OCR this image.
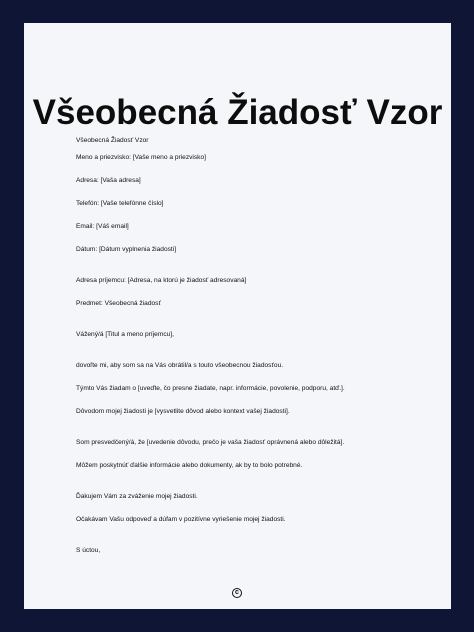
Všeobecná Žiadosť Vzor
Všeobecná Žiadosť Vzor
Meno a priezvisko: [Vaše meno a priezvisko]
Adresa: [Vaša adresa]
Telefón: [Vaše telefónne číslo]
Email: [Váš email]
Dátum: [Dátum vyplnenia žiadosti]
Adresa príjemcu: [Adresa, na ktorú je žiadosť adresovaná]
Predmet: Všeobecná žiadosť
Vážený/á [Titul a meno príjemcu],
dovoľte mi, aby som sa na Vás obrátil/a s touto všeobecnou žiadosťou.
Týmto Vás žiadam o [uveďte, čo presne žiadate, napr. informácie, povolenie, podporu, atď.].
Dôvodom mojej žiadosti je [vysvetlite dôvod alebo kontext vašej žiadosti].
Som presvedčený/á, že [uvedenie dôvodu, prečo je vaša žiadosť oprávnená alebo dôležitá].
Môžem poskytnúť ďalšie informácie alebo dokumenty, ak by to bolo potrebné.
Ďakujem Vám za zváženie mojej žiadosti.
Očakávam Vašu odpoveď a dúfam v pozitívne vyriešenie mojej žiadosti.
S úctou,
c
